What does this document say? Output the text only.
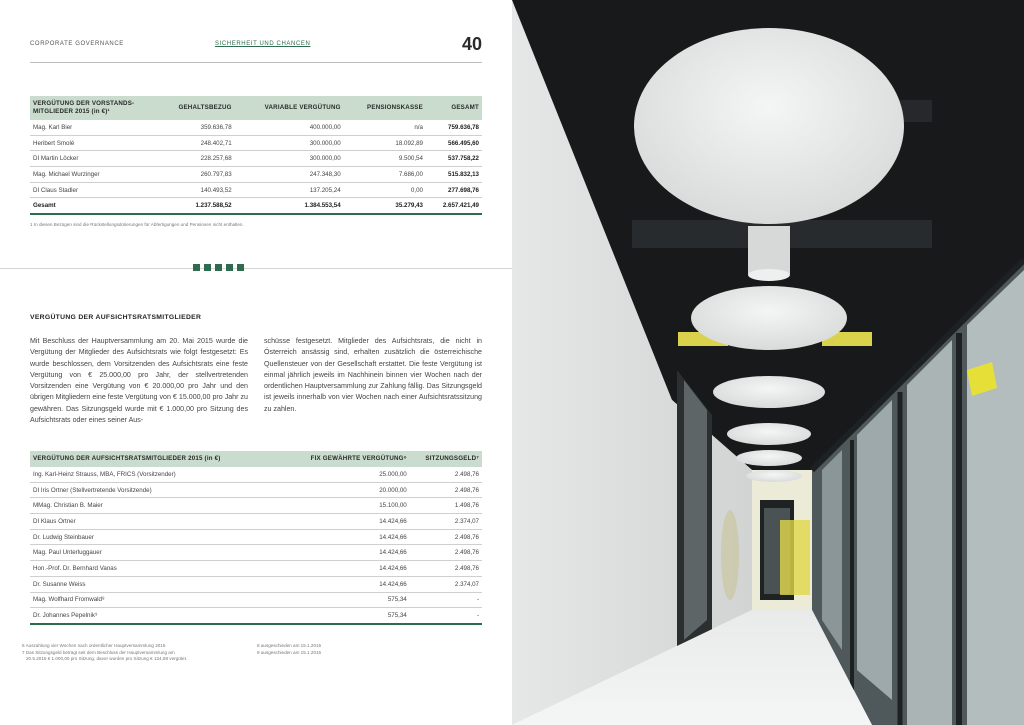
CORPORATE GOVERNANCE	SICHERHEIT UND CHANCEN	40
VERGÜTUNG DER VORSTANDS-
MITGLIEDER 2015 (in €)¹	GEHALTSBEZUG	VARIABLE VERGÜTUNG	PENSIONSKASSE	GESAMT
Mag. Karl Bier	359.636,78	400.000,00	n/a	759.636,78
Heribert Smolé	248.402,71	300.000,00	18.092,89	566.495,60
DI Martin Löcker	228.257,68	300.000,00	9.500,54	537.758,22
Mag. Michael Wurzinger	260.797,83	247.348,30	7.686,00	515.832,13
DI Claus Stadler	140.493,52	137.205,24	0,00	277.698,76
Gesamt	1.237.588,52	1.384.553,54	35.279,43	2.657.421,49
1 In diesen Bezügen sind die Rückstellungsdotierungen für Abfertigungen und Pensionen nicht enthalten.
VERGÜTUNG DER AUFSICHTSRATSMITGLIEDER
Mit Beschluss der Hauptversammlung am 20. Mai 2015 wurde die Vergütung der Mitglieder des Aufsichtsrats wie folgt festgesetzt: Es wurde beschlossen, dem Vorsitzenden des Aufsichtsrats eine feste Vergütung von € 25.000,00 pro Jahr, der stellvertretenden Vorsitzenden eine Vergütung von € 20.000,00 pro Jahr und den übrigen Mitgliedern eine feste Vergütung von € 15.000,00 pro Jahr zu gewähren. Das Sitzungsgeld wurde mit € 1.000,00 pro Sitzung des Aufsichtsrats oder eines seiner Aus-
schüsse festgesetzt. Mitglieder des Aufsichtsrats, die nicht in Österreich ansässig sind, erhalten zusätzlich die österreichische Quellensteuer von der Gesellschaft erstattet. Die feste Vergütung ist einmal jährlich jeweils im Nachhinein binnen vier Wochen nach der ordentlichen Hauptversammlung zur Zahlung fällig. Das Sitzungsgeld ist jeweils innerhalb von vier Wochen nach einer Aufsichtsratssitzung zu zahlen.
VERGÜTUNG DER AUFSICHTSRATSMITGLIEDER 2015 (in €)	FIX GEWÄHRTE VERGÜTUNG⁶	SITZUNGSGELD⁷
Ing. Karl-Heinz Strauss, MBA, FRICS (Vorsitzender)	25.000,00	2.498,76
DI Iris Ortner (Stellvertretende Vorsitzende)	20.000,00	2.498,76
MMag. Christian B. Maier	15.100,00	1.498,76
DI Klaus Ortner	14.424,66	2.374,07
Dr. Ludwig Steinbauer	14.424,66	2.498,76
Mag. Paul Unterluggauer	14.424,66	2.498,76
Hon.-Prof. Dr. Bernhard Vanas	14.424,66	2.498,76
Dr. Susanne Weiss	14.424,66	2.374,07
Mag. Wolfhard Fromwald⁸	575,34	-
Dr. Johannes Pepelnik⁹	575,34	-
6 Auszahlung vier Wochen nach ordentlicher Hauptversammlung 2015
7 Das Sitzungsgeld beträgt seit dem Beschluss der Hauptversammlung am
20.5.2015 € 1.000,00 pro Sitzung, davor wurden pro Sitzung € 124,68 vergütet.
8 ausgeschieden am 15.1.2015
9 ausgeschieden am 15.1.2015
